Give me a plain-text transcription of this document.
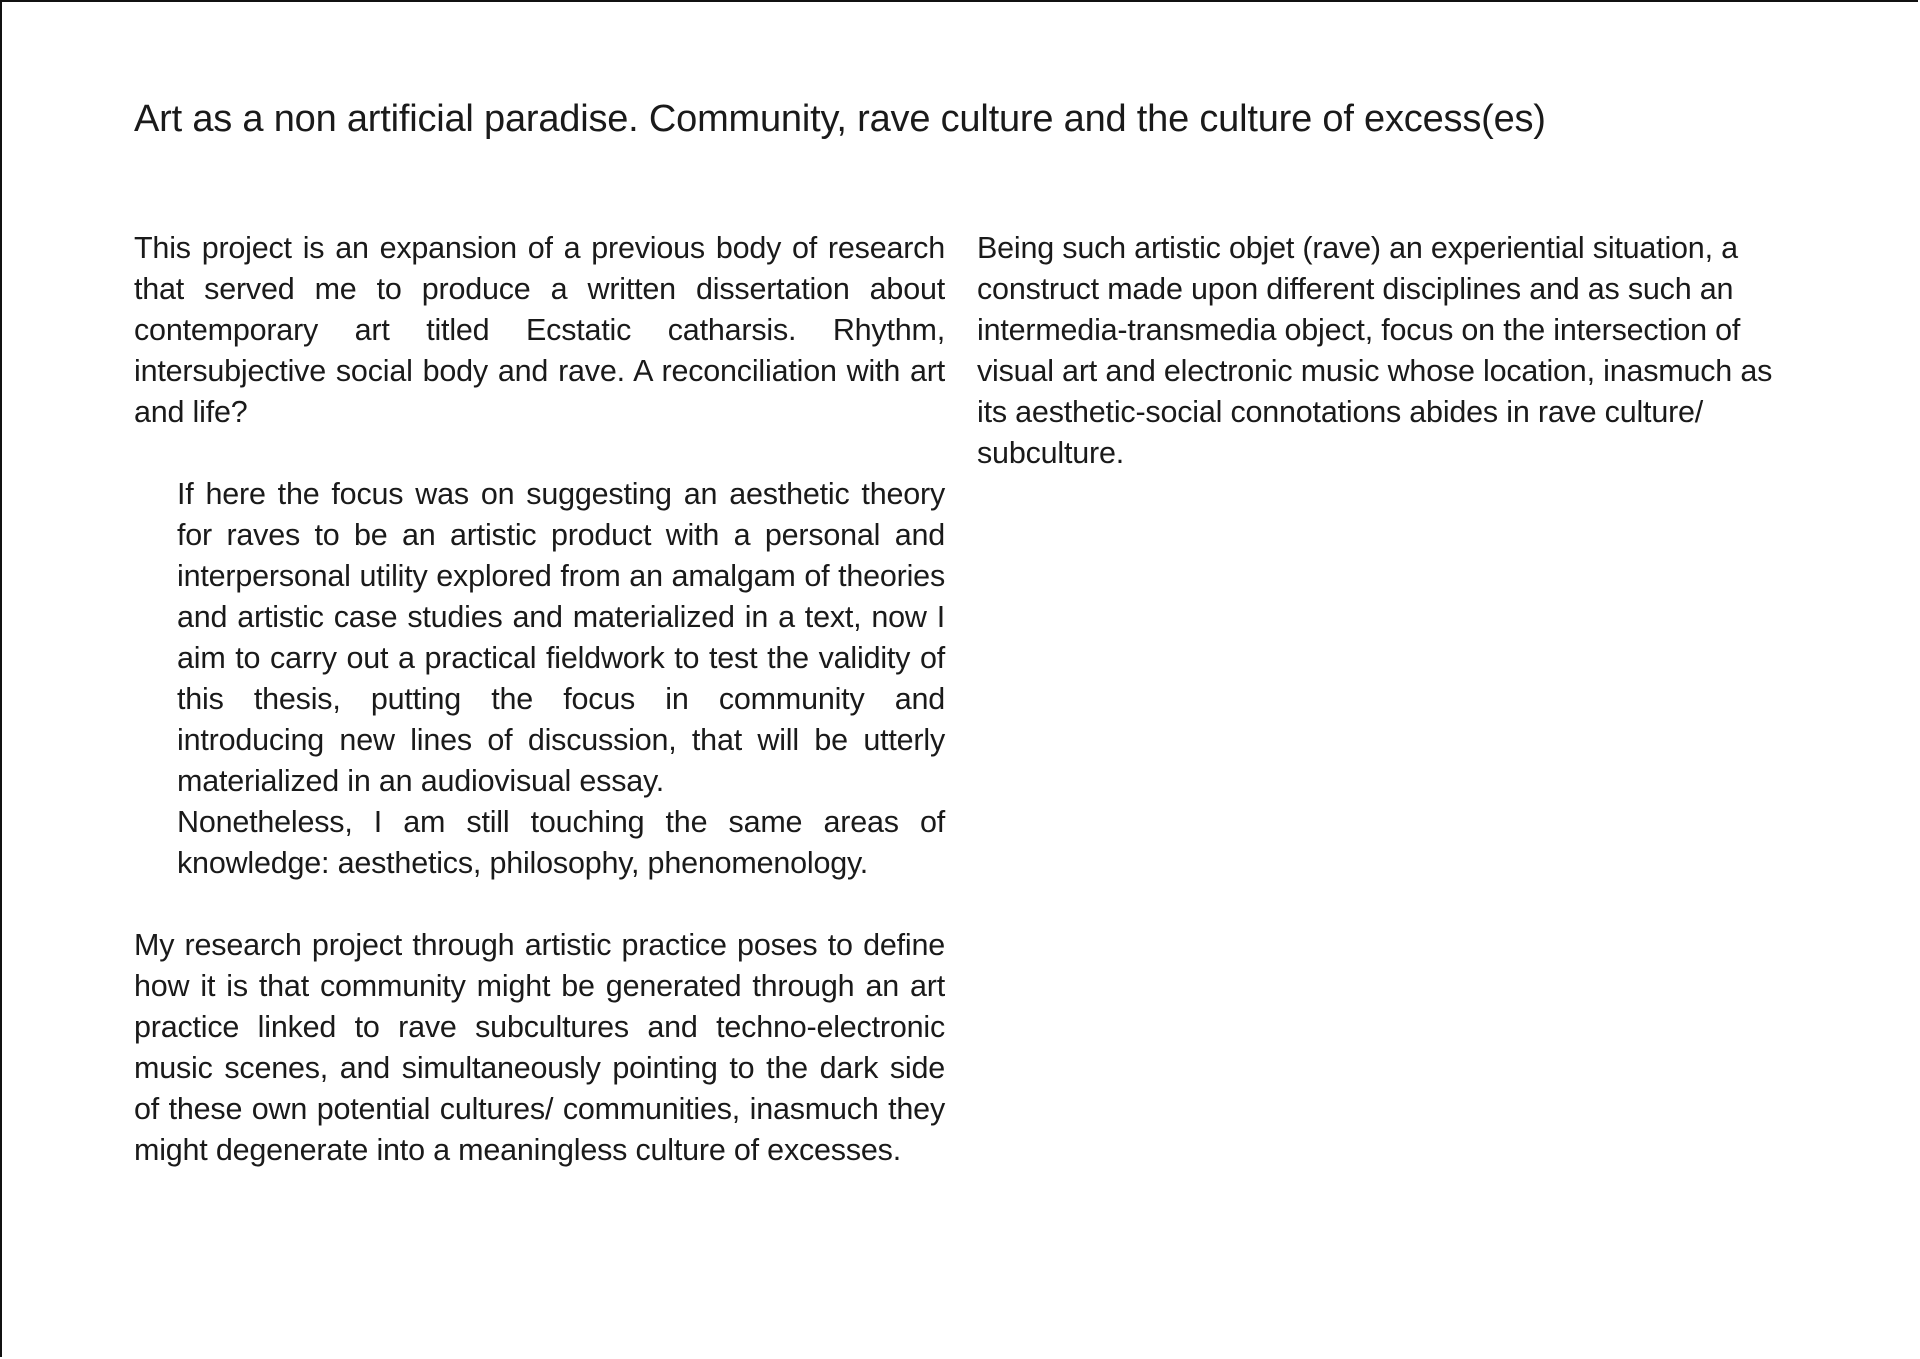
Art as a non artificial paradise. Community, rave culture and the culture of excess(es)

This project is an expansion of a previous body of research that served me to produce a written dissertation about contemporary art titled Ecstatic catharsis. Rhythm, intersubjective social body and rave. A reconciliation with art and life?

If here the focus was on suggesting an aesthetic theory for raves to be an artistic product with a personal and interpersonal utility explored from an amalgam of theories and artistic case studies and materialized in a text, now I aim to carry out a practical fieldwork to test the validity of this thesis, putting the focus in community and introducing new lines of discussion, that will be utterly materialized in an audiovisual essay.

Nonetheless, I am still touching the same areas of knowledge: aesthetics, philosophy, phenomenology.

My research project through artistic practice poses to define how it is that community might be generated through an art practice linked to rave subcultures and techno-electronic music scenes, and simultaneously pointing to the dark side of these own potential cultures/ communities, inasmuch they might degenerate into a meaningless culture of excesses.

Being such artistic objet (rave) an experiential situation, a construct made upon different disciplines and as such an intermedia-transmedia object, focus on the intersection of visual art and electronic music whose location, inasmuch as its aesthetic-social connotations abides in rave culture/ subculture.
